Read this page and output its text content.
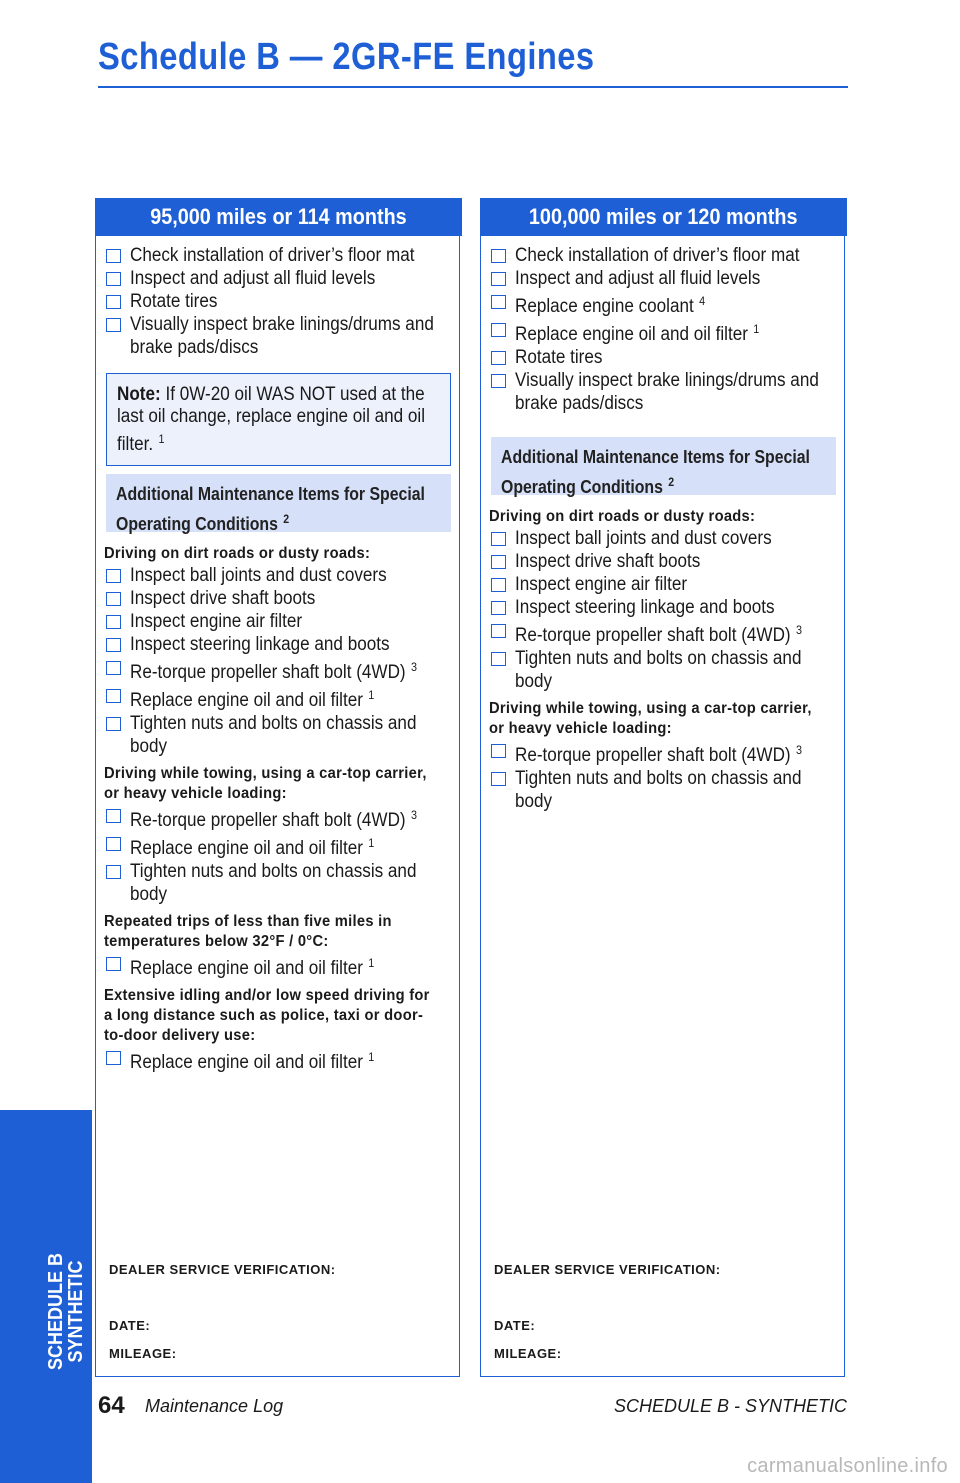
Schedule B — 2GR-FE Engines
SCHEDULE B
SYNTHETIC
95,000 miles or 114 months
Check installation of driver’s floor mat
Inspect and adjust all fluid levels
Rotate tires
Visually inspect brake linings/drums and brake pads/discs
Note: If 0W-20 oil WAS NOT used at the last oil change, replace engine oil and oil filter. $^1$
Additional Maintenance Items for Special Operating Conditions $^2$
Driving on dirt roads or dusty roads:
Inspect ball joints and dust covers
Inspect drive shaft boots
Inspect engine air filter
Inspect steering linkage and boots
Re-torque propeller shaft bolt (4WD) $^3$
Replace engine oil and oil filter $^1$
Tighten nuts and bolts on chassis and body
Driving while towing, using a car-top carrier, or heavy vehicle loading:
Re-torque propeller shaft bolt (4WD) $^3$
Replace engine oil and oil filter $^1$
Tighten nuts and bolts on chassis and body
Repeated trips of less than five miles in temperatures below 32°F / 0°C:
Replace engine oil and oil filter $^1$
Extensive idling and/or low speed driving for a long distance such as police, taxi or door-to-door delivery use:
Replace engine oil and oil filter $^1$
DEALER SERVICE VERIFICATION:
DATE:
MILEAGE:
100,000 miles or 120 months
Check installation of driver’s floor mat
Inspect and adjust all fluid levels
Replace engine coolant $^4$
Replace engine oil and oil filter $^1$
Rotate tires
Visually inspect brake linings/drums and brake pads/discs
Additional Maintenance Items for Special Operating Conditions $^2$
Driving on dirt roads or dusty roads:
Inspect ball joints and dust covers
Inspect drive shaft boots
Inspect engine air filter
Inspect steering linkage and boots
Re-torque propeller shaft bolt (4WD) $^3$
Tighten nuts and bolts on chassis and body
Driving while towing, using a car-top carrier, or heavy vehicle loading:
Re-torque propeller shaft bolt (4WD) $^3$
Tighten nuts and bolts on chassis and body
DEALER SERVICE VERIFICATION:
DATE:
MILEAGE:
64 Maintenance Log	SCHEDULE B - SYNTHETIC
carmanualsonline.info
